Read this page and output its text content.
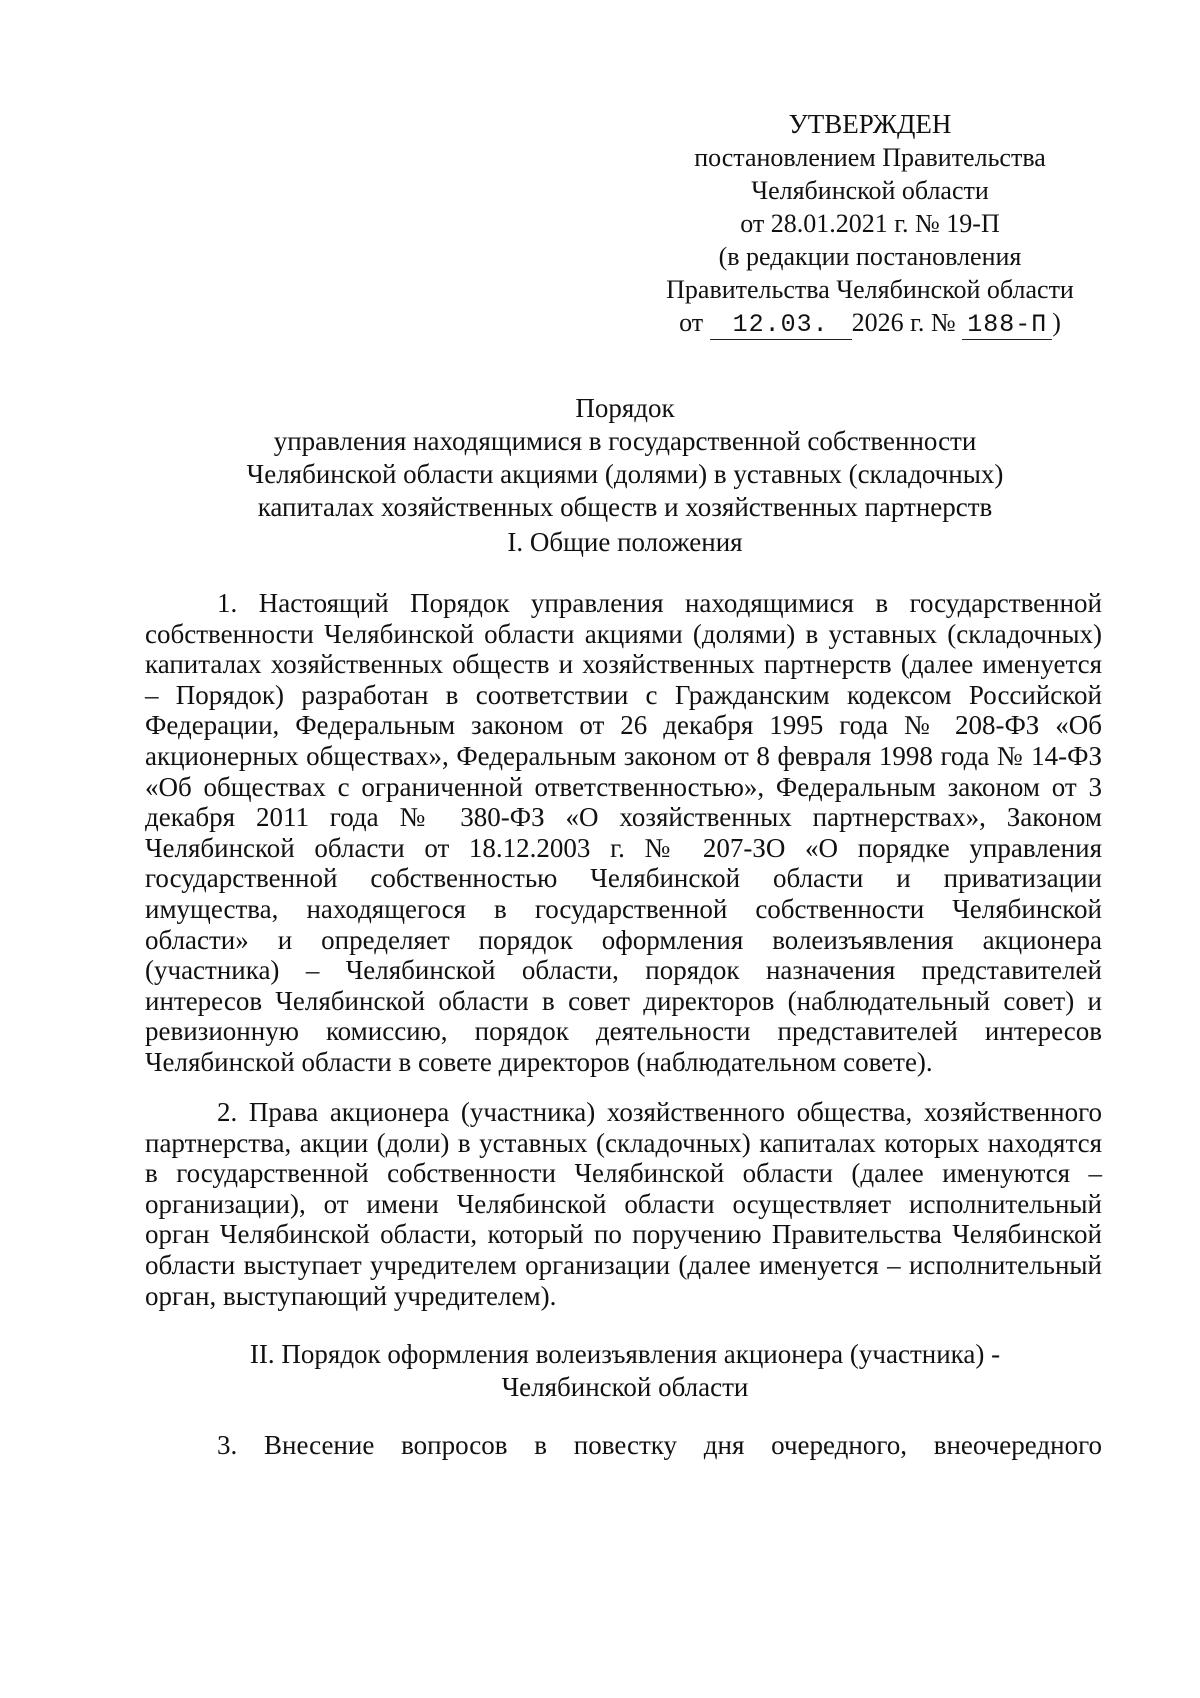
УТВЕРЖДЕН
постановлением Правительства
Челябинской области
от 28.01.2021 г. № 19-П
(в редакции постановления
Правительства Челябинской области
от 12.03. 2026 г. № 188-П )
Порядок
управления находящимися в государственной собственности
Челябинской области акциями (долями) в уставных (складочных)
капиталах хозяйственных обществ и хозяйственных партнерств
I. Общие положения

1. Настоящий Порядок управления находящимися в государственной собственности Челябинской области акциями (долями) в уставных (складочных) капиталах хозяйственных обществ и хозяйственных партнерств (далее именуется – Порядок) разработан в соответствии с Гражданским кодексом Российской Федерации, Федеральным законом от 26 декабря 1995 года № 208-ФЗ «Об акционерных обществах», Федеральным законом от 8 февраля 1998 года № 14-ФЗ «Об обществах с ограниченной ответственностью», Федеральным законом от 3 декабря 2011 года № 380-ФЗ «О хозяйственных партнерствах», Законом Челябинской области от 18.12.2003 г. № 207-ЗО «О порядке управления государственной собственностью Челябинской области и приватизации имущества, находящегося в государственной собственности Челябинской области» и определяет порядок оформления волеизъявления акционера (участника) – Челябинской области, порядок назначения представителей интересов Челябинской области в совет директоров (наблюдательный совет) и ревизионную комиссию, порядок деятельности представителей интересов Челябинской области в совете директоров (наблюдательном совете).

2. Права акционера (участника) хозяйственного общества, хозяйственного партнерства, акции (доли) в уставных (складочных) капиталах которых находятся в государственной собственности Челябинской области (далее именуются – организации), от имени Челябинской области осуществляет исполнительный орган Челябинской области, который по поручению Правительства Челябинской области выступает учредителем организации (далее именуется – исполнительный орган, выступающий учредителем).

II. Порядок оформления волеизъявления акционера (участника) -
Челябинской области

3. Внесение вопросов в повестку дня очередного, внеочередного
